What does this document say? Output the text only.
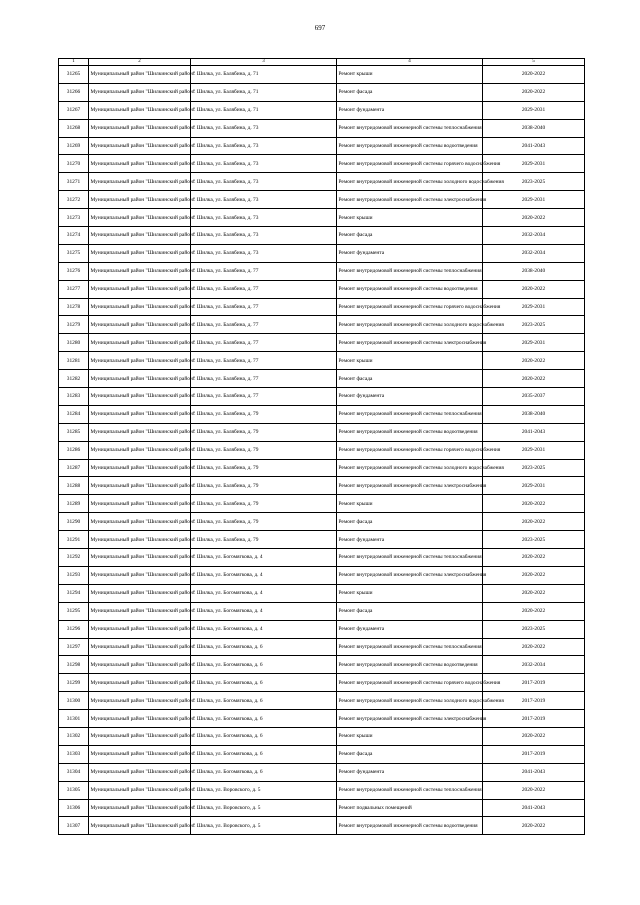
697
1	2	3	4	5
31265	Муниципальный район "Шилкинский район"	г. Шилка, ул. Балябина, д. 71	Ремонт крыши	2020-2022
31266	Муниципальный район "Шилкинский район"	г. Шилка, ул. Балябина, д. 71	Ремонт фасада	2020-2022
31267	Муниципальный район "Шилкинский район"	г. Шилка, ул. Балябина, д. 71	Ремонт фундамента	2029-2031
31268	Муниципальный район "Шилкинский район"	г. Шилка, ул. Балябина, д. 73	Ремонт внутридомовой инженерной системы теплоснабжения	2038-2040
31269	Муниципальный район "Шилкинский район"	г. Шилка, ул. Балябина, д. 73	Ремонт внутридомовой инженерной системы водоотведения	2041-2043
31270	Муниципальный район "Шилкинский район"	г. Шилка, ул. Балябина, д. 73	Ремонт внутридомовой инженерной системы горячего водоснабжения	2029-2031
31271	Муниципальный район "Шилкинский район"	г. Шилка, ул. Балябина, д. 73	Ремонт внутридомовой инженерной системы холодного водоснабжения	2023-2025
31272	Муниципальный район "Шилкинский район"	г. Шилка, ул. Балябина, д. 73	Ремонт внутридомовой инженерной системы электроснабжения	2029-2031
31273	Муниципальный район "Шилкинский район"	г. Шилка, ул. Балябина, д. 73	Ремонт крыши	2020-2022
31274	Муниципальный район "Шилкинский район"	г. Шилка, ул. Балябина, д. 73	Ремонт фасада	2032-2034
31275	Муниципальный район "Шилкинский район"	г. Шилка, ул. Балябина, д. 73	Ремонт фундамента	2032-2034
31276	Муниципальный район "Шилкинский район"	г. Шилка, ул. Балябина, д. 77	Ремонт внутридомовой инженерной системы теплоснабжения	2038-2040
31277	Муниципальный район "Шилкинский район"	г. Шилка, ул. Балябина, д. 77	Ремонт внутридомовой инженерной системы водоотведения	2020-2022
31278	Муниципальный район "Шилкинский район"	г. Шилка, ул. Балябина, д. 77	Ремонт внутридомовой инженерной системы горячего водоснабжения	2029-2031
31279	Муниципальный район "Шилкинский район"	г. Шилка, ул. Балябина, д. 77	Ремонт внутридомовой инженерной системы холодного водоснабжения	2023-2025
31280	Муниципальный район "Шилкинский район"	г. Шилка, ул. Балябина, д. 77	Ремонт внутридомовой инженерной системы электроснабжения	2029-2031
31281	Муниципальный район "Шилкинский район"	г. Шилка, ул. Балябина, д. 77	Ремонт крыши	2020-2022
31282	Муниципальный район "Шилкинский район"	г. Шилка, ул. Балябина, д. 77	Ремонт фасада	2020-2022
31283	Муниципальный район "Шилкинский район"	г. Шилка, ул. Балябина, д. 77	Ремонт фундамента	2035-2037
31284	Муниципальный район "Шилкинский район"	г. Шилка, ул. Балябина, д. 79	Ремонт внутридомовой инженерной системы теплоснабжения	2038-2040
31285	Муниципальный район "Шилкинский район"	г. Шилка, ул. Балябина, д. 79	Ремонт внутридомовой инженерной системы водоотведения	2041-2043
31286	Муниципальный район "Шилкинский район"	г. Шилка, ул. Балябина, д. 79	Ремонт внутридомовой инженерной системы горячего водоснабжения	2029-2031
31287	Муниципальный район "Шилкинский район"	г. Шилка, ул. Балябина, д. 79	Ремонт внутридомовой инженерной системы холодного водоснабжения	2023-2025
31288	Муниципальный район "Шилкинский район"	г. Шилка, ул. Балябина, д. 79	Ремонт внутридомовой инженерной системы электроснабжения	2029-2031
31289	Муниципальный район "Шилкинский район"	г. Шилка, ул. Балябина, д. 79	Ремонт крыши	2020-2022
31290	Муниципальный район "Шилкинский район"	г. Шилка, ул. Балябина, д. 79	Ремонт фасада	2020-2022
31291	Муниципальный район "Шилкинский район"	г. Шилка, ул. Балябина, д. 79	Ремонт фундамента	2023-2025
31292	Муниципальный район "Шилкинский район"	г. Шилка, ул. Богомягкова, д. 4	Ремонт внутридомовой инженерной системы теплоснабжения	2020-2022
31293	Муниципальный район "Шилкинский район"	г. Шилка, ул. Богомягкова, д. 4	Ремонт внутридомовой инженерной системы электроснабжения	2020-2022
31294	Муниципальный район "Шилкинский район"	г. Шилка, ул. Богомягкова, д. 4	Ремонт крыши	2020-2022
31295	Муниципальный район "Шилкинский район"	г. Шилка, ул. Богомягкова, д. 4	Ремонт фасада	2020-2022
31296	Муниципальный район "Шилкинский район"	г. Шилка, ул. Богомягкова, д. 4	Ремонт фундамента	2023-2025
31297	Муниципальный район "Шилкинский район"	г. Шилка, ул. Богомягкова, д. 6	Ремонт внутридомовой инженерной системы теплоснабжения	2020-2022
31298	Муниципальный район "Шилкинский район"	г. Шилка, ул. Богомягкова, д. 6	Ремонт внутридомовой инженерной системы водоотведения	2032-2034
31299	Муниципальный район "Шилкинский район"	г. Шилка, ул. Богомягкова, д. 6	Ремонт внутридомовой инженерной системы горячего водоснабжения	2017-2019
31300	Муниципальный район "Шилкинский район"	г. Шилка, ул. Богомягкова, д. 6	Ремонт внутридомовой инженерной системы холодного водоснабжения	2017-2019
31301	Муниципальный район "Шилкинский район"	г. Шилка, ул. Богомягкова, д. 6	Ремонт внутридомовой инженерной системы электроснабжения	2017-2019
31302	Муниципальный район "Шилкинский район"	г. Шилка, ул. Богомягкова, д. 6	Ремонт крыши	2020-2022
31303	Муниципальный район "Шилкинский район"	г. Шилка, ул. Богомягкова, д. 6	Ремонт фасада	2017-2019
31304	Муниципальный район "Шилкинский район"	г. Шилка, ул. Богомягкова, д. 6	Ремонт фундамента	2041-2043
31305	Муниципальный район "Шилкинский район"	г. Шилка, ул. Воровского, д. 5	Ремонт внутридомовой инженерной системы теплоснабжения	2020-2022
31306	Муниципальный район "Шилкинский район"	г. Шилка, ул. Воровского, д. 5	Ремонт подвальных помещений	2041-2043
31307	Муниципальный район "Шилкинский район"	г. Шилка, ул. Воровского, д. 5	Ремонт внутридомовой инженерной системы водоотведения	2020-2022
